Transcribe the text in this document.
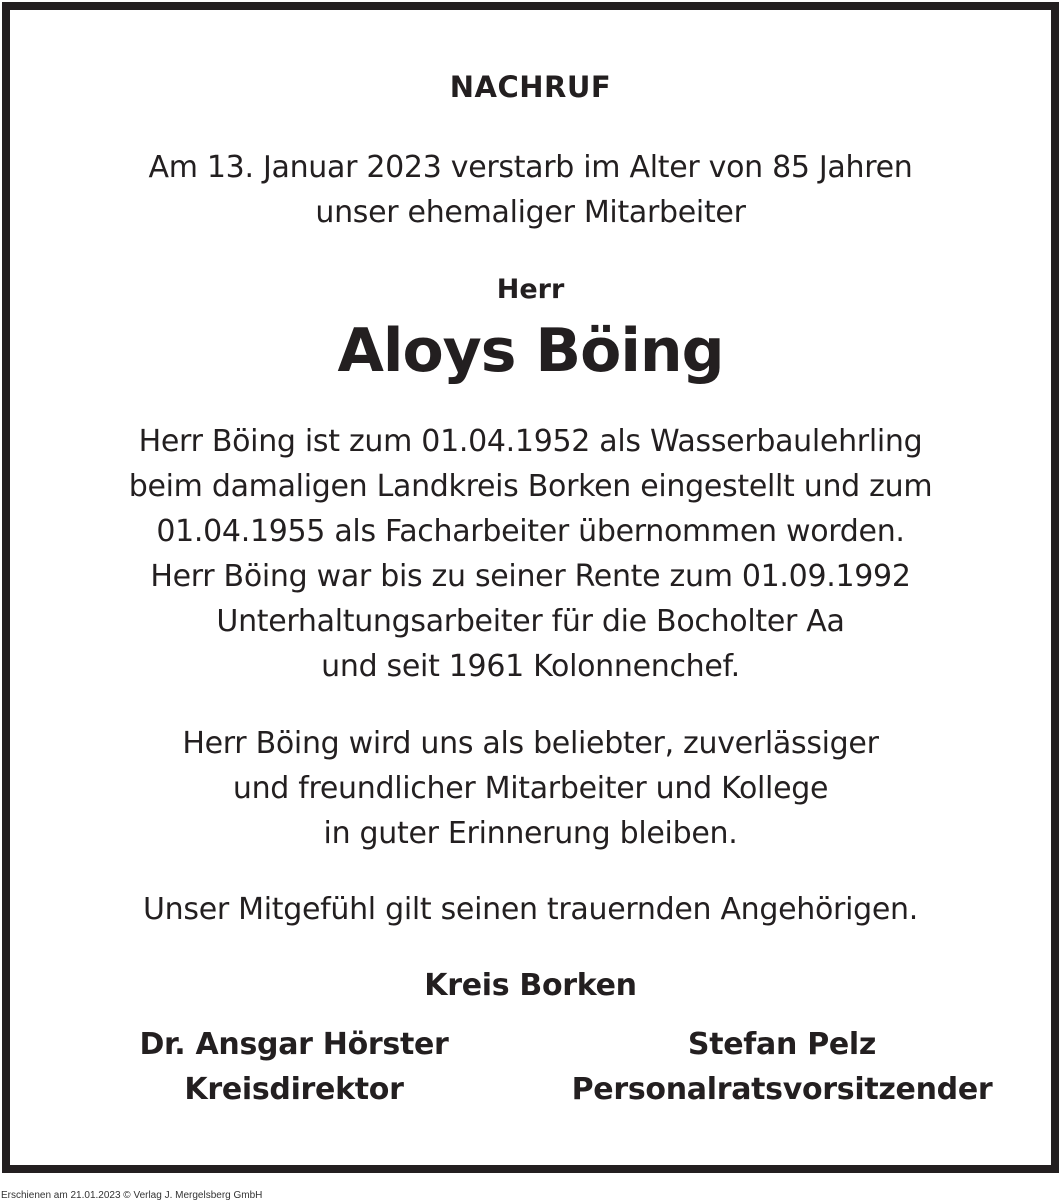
NACHRUF
Am 13. Januar 2023 verstarb im Alter von 85 Jahren
unser ehemaliger Mitarbeiter
Herr
Aloys Böing
Herr Böing ist zum 01.04.1952 als Wasserbaulehrling
beim damaligen Landkreis Borken eingestellt und zum
01.04.1955 als Facharbeiter übernommen worden.
Herr Böing war bis zu seiner Rente zum 01.09.1992
Unterhaltungsarbeiter für die Bocholter Aa
und seit 1961 Kolonnenchef.
Herr Böing wird uns als beliebter, zuverlässiger
und freundlicher Mitarbeiter und Kollege
in guter Erinnerung bleiben.
Unser Mitgefühl gilt seinen trauernden Angehörigen.
Kreis Borken
Dr. Ansgar Hörster
Kreisdirektor
Stefan Pelz
Personalratsvorsitzender
Erschienen am 21.01.2023 © Verlag J. Mergelsberg GmbH
